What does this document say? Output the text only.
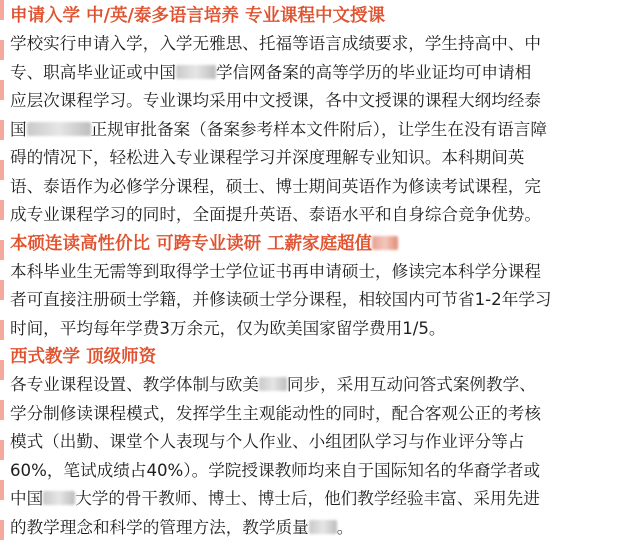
申请入学 中/英/泰多语言培养 专业课程中文授课
学校实行申请入学，入学无雅思、托福等语言成绩要求，学生持高中、中
专、职高毕业证或中国 学信网备案的高等学历的毕业证均可申请相
应层次课程学习。专业课均采用中文授课，各中文授课的课程大纲均经泰
国	正规审批备案（备案参考样本文件附后），让学生在没有语言障
碍的情况下，轻松进入专业课程学习并深度理解专业知识。本科期间英
语、泰语作为必修学分课程，硕士、博士期间英语作为修读考试课程，完
成专业课程学习的同时，全面提升英语、泰语水平和自身综合竞争优势。
本硕连读高性价比 可跨专业读研 工薪家庭超值
本科毕业生无需等到取得学士学位证书再申请硕士，修读完本科学分课程
者可直接注册硕士学籍，并修读硕士学分课程，相较国内可节省1-2年学习
时间，平均每年学费3万余元，仅为欧美国家留学费用1/5。
西式教学 顶级师资
各专业课程设置、教学体制与欧美 同步，采用互动问答式案例教学、
学分制修读课程模式，发挥学生主观能动性的同时，配合客观公正的考核
模式（出勤、课堂个人表现与个人作业、小组团队学习与作业评分等占
60%，笔试成绩占40%）。学院授课教师均来自于国际知名的华裔学者或
中国 大学的骨干教师、博士、博士后，他们教学经验丰富、采用先进
的教学理念和科学的管理方法，教学质量 。
